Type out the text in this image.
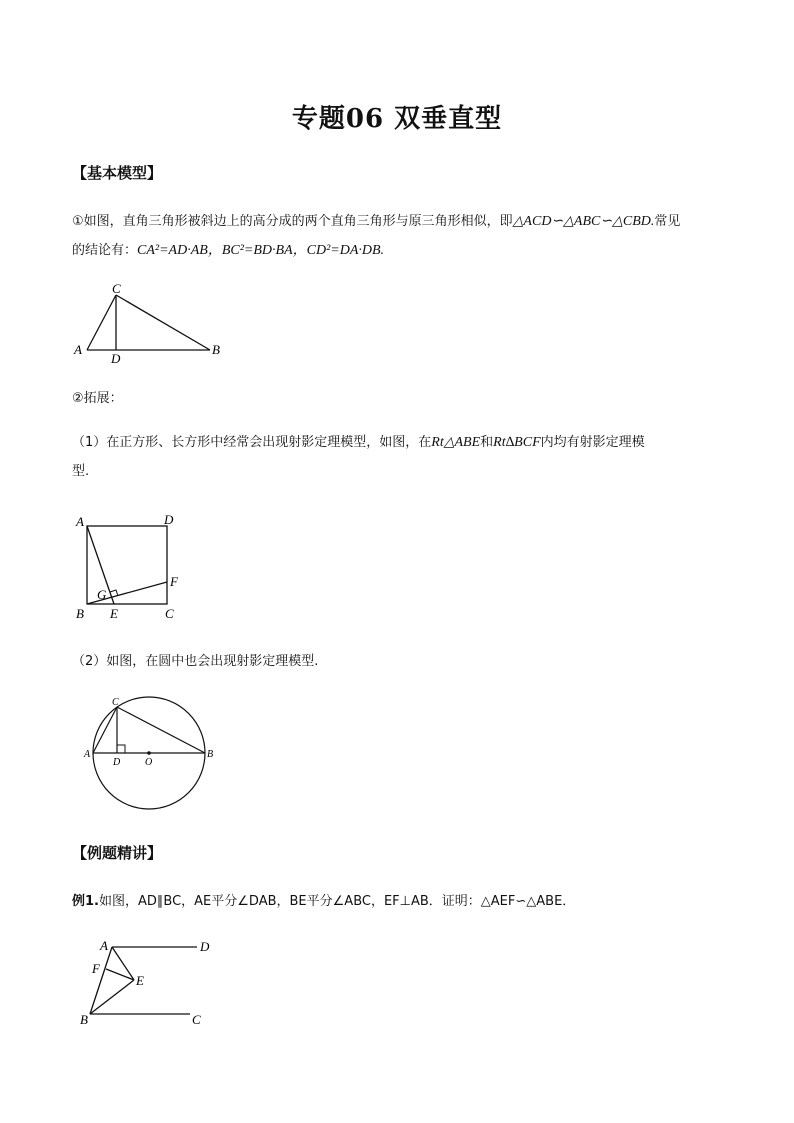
专题06 双垂直型
【基本模型】
①如图，直角三角形被斜边上的高分成的两个直角三角形与原三角形相似，即△ACD∽△ABC∽△CBD.常见
的结论有：CA²=AD·AB，BC²=BD·BA，CD²=DA·DB.
A	B
C
D
②拓展：
（1）在正方形、长方形中经常会出现射影定理模型，如图，在Rt△ABE和Rt∆BCF内均有射影定理模
型.
A	D
B	C
E
F
G
（2）如图，在圆中也会出现射影定理模型.
A	B
C
D O
【例题精讲】
例1.如图，AD∥BC，AE平分∠DAB，BE平分∠ABC，EF⊥AB．证明：△AEF∽△ABE．
A	D
F
E
B	C
